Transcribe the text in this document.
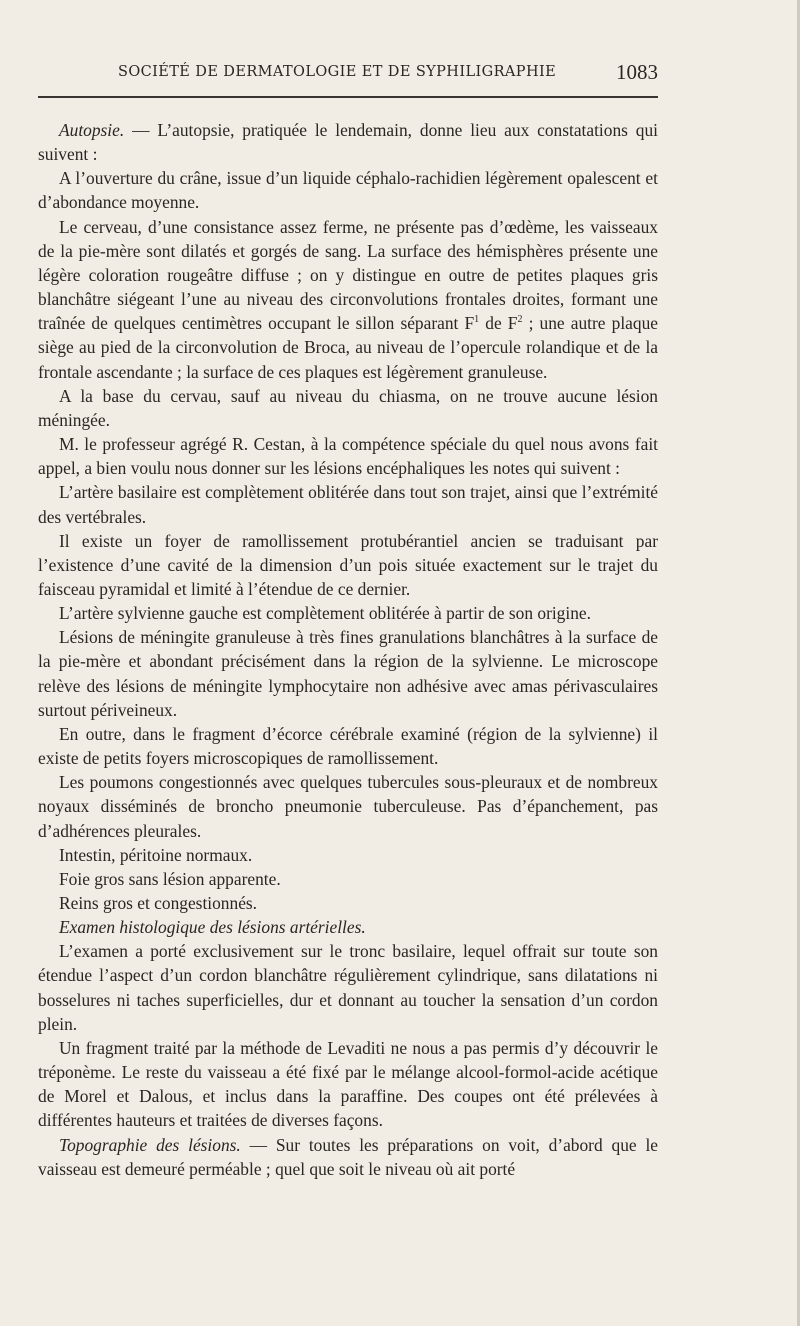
SOCIÉTÉ DE DERMATOLOGIE ET DE SYPHILIGRAPHIE	1083

Autopsie. — L’autopsie, pratiquée le lendemain, donne lieu aux constatations qui suivent :

A l’ouverture du crâne, issue d’un liquide céphalo-rachidien légèrement opalescent et d’abondance moyenne.

Le cerveau, d’une consistance assez ferme, ne présente pas d’œdème, les vaisseaux de la pie-mère sont dilatés et gorgés de sang. La surface des hémisphères présente une légère coloration rougeâtre diffuse ; on y distingue en outre de petites plaques gris blanchâtre siégeant l’une au niveau des circonvolutions frontales droites, formant une traînée de quelques centimètres occupant le sillon séparant $F^1$ de $F^2$ ; une autre plaque siège au pied de la circonvolution de Broca, au niveau de l’opercule rolandique et de la frontale ascendante ; la surface de ces plaques est légèrement granuleuse.

A la base du cervau, sauf au niveau du chiasma, on ne trouve aucune lésion méningée.

M. le professeur agrégé R. Cestan, à la compétence spéciale du quel nous avons fait appel, a bien voulu nous donner sur les lésions encéphaliques les notes qui suivent :

L’artère basilaire est complètement oblitérée dans tout son trajet, ainsi que l’extrémité des vertébrales.

Il existe un foyer de ramollissement protubérantiel ancien se traduisant par l’existence d’une cavité de la dimension d’un pois située exactement sur le trajet du faisceau pyramidal et limité à l’étendue de ce dernier.

L’artère sylvienne gauche est complètement oblitérée à partir de son origine.

Lésions de méningite granuleuse à très fines granulations blanchâtres à la surface de la pie-mère et abondant précisément dans la région de la sylvienne. Le microscope relève des lésions de méningite lymphocytaire non adhésive avec amas périvasculaires surtout périveineux.

En outre, dans le fragment d’écorce cérébrale examiné (région de la sylvienne) il existe de petits foyers microscopiques de ramollissement.

Les poumons congestionnés avec quelques tubercules sous-pleuraux et de nombreux noyaux disséminés de broncho pneumonie tuberculeuse. Pas d’épanchement, pas d’adhérences pleurales.

Intestin, péritoine normaux.

Foie gros sans lésion apparente.

Reins gros et congestionnés.

Examen histologique des lésions artérielles.

L’examen a porté exclusivement sur le tronc basilaire, lequel offrait sur toute son étendue l’aspect d’un cordon blanchâtre régulièrement cylindrique, sans dilatations ni bosselures ni taches superficielles, dur et donnant au toucher la sensation d’un cordon plein.

Un fragment traité par la méthode de Levaditi ne nous a pas permis d’y découvrir le tréponème. Le reste du vaisseau a été fixé par le mélange alcool-formol-acide acétique de Morel et Dalous, et inclus dans la paraffine. Des coupes ont été prélevées à différentes hauteurs et traitées de diverses façons.

Topographie des lésions. — Sur toutes les préparations on voit, d’abord que le vaisseau est demeuré perméable ; quel que soit le niveau où ait porté
